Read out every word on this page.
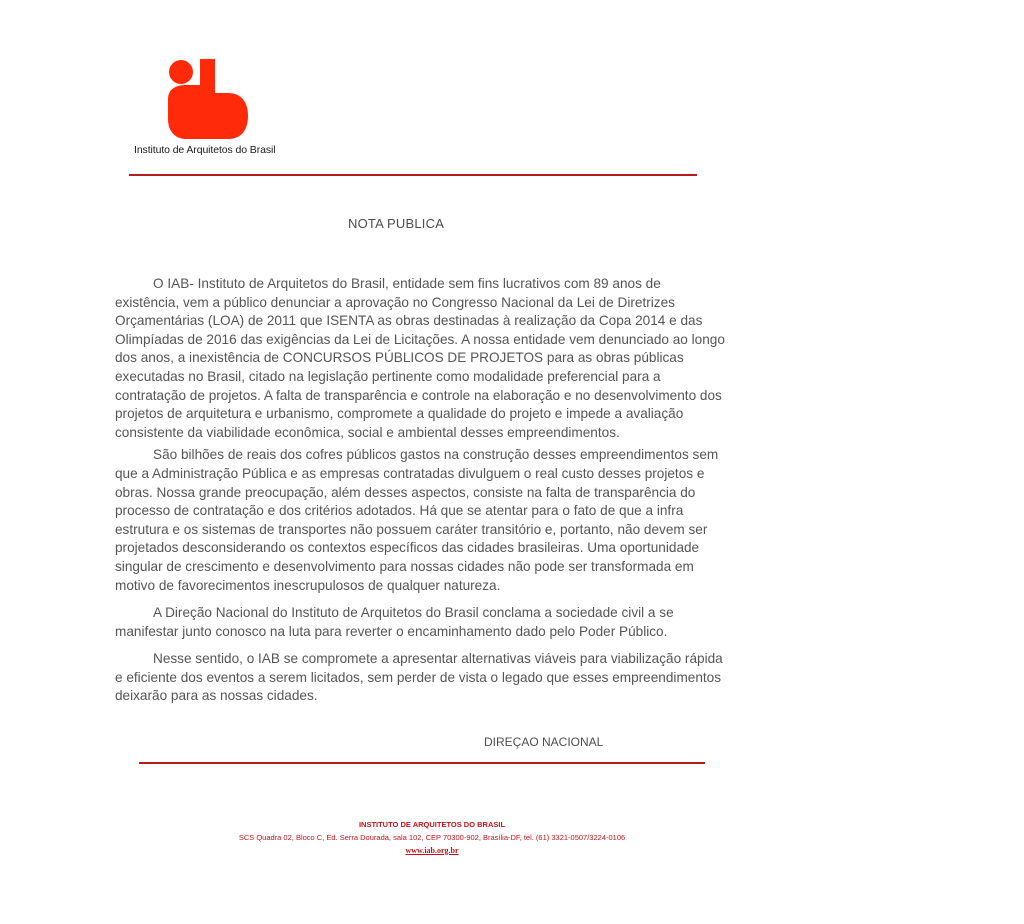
Instituto de Arquitetos do Brasil
NOTA PUBLICA

O IAB- Instituto de Arquitetos do Brasil, entidade sem fins lucrativos com 89 anos de existência, vem a público denunciar a aprovação no Congresso Nacional da Lei de Diretrizes Orçamentárias (LOA) de 2011 que ISENTA as obras destinadas à realização da Copa 2014 e das Olimpíadas de 2016 das exigências da Lei de Licitações. A nossa entidade vem denunciado ao longo dos anos, a inexistência de CONCURSOS PÚBLICOS DE PROJETOS para as obras públicas executadas no Brasil, citado na legislação pertinente como modalidade preferencial para a contratação de projetos. A falta de transparência e controle na elaboração e no desenvolvimento dos projetos de arquitetura e urbanismo, compromete a qualidade do projeto e impede a avaliação consistente da viabilidade econômica, social e ambiental desses empreendimentos.

São bilhões de reais dos cofres públicos gastos na construção desses empreendimentos sem que a Administração Pública e as empresas contratadas divulguem o real custo desses projetos e obras. Nossa grande preocupação, além desses aspectos, consiste na falta de transparência do processo de contratação e dos critérios adotados. Há que se atentar para o fato de que a infra estrutura e os sistemas de transportes não possuem caráter transitório e, portanto, não devem ser projetados desconsiderando os contextos específicos das cidades brasileiras. Uma oportunidade singular de crescimento e desenvolvimento para nossas cidades não pode ser transformada em motivo de favorecimentos inescrupulosos de qualquer natureza.

A Direção Nacional do Instituto de Arquitetos do Brasil conclama a sociedade civil a se manifestar junto conosco na luta para reverter o encaminhamento dado pelo Poder Público.

Nesse sentido, o IAB se compromete a apresentar alternativas viáveis para viabilização rápida e eficiente dos eventos a serem licitados, sem perder de vista o legado que esses empreendimentos deixarão para as nossas cidades.

DIREÇAO NACIONAL
INSTITUTO DE ARQUITETOS DO BRASIL
SCS Quadra 02, Bloco C, Ed. Serra Dourada, sala 102, CEP 70300-902, Brasília-DF, tel. (61) 3321-0507/3224-0106
www.iab.org.br
